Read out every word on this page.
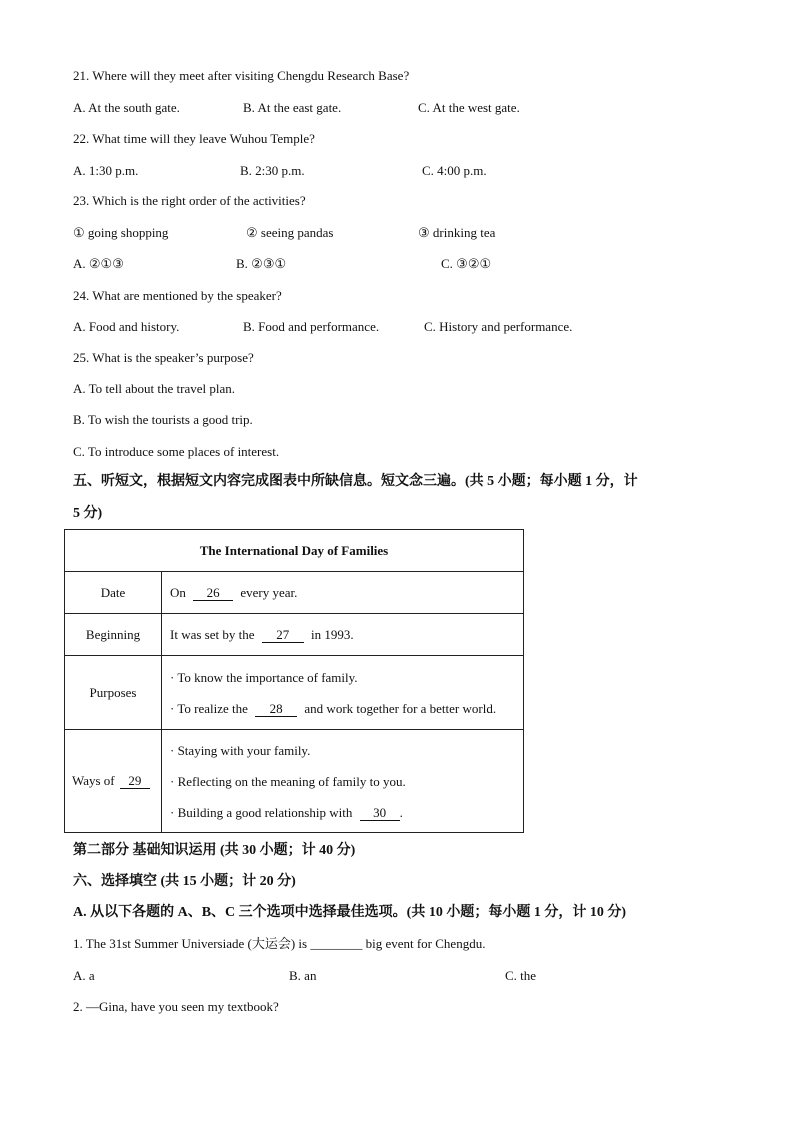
21. Where will they meet after visiting Chengdu Research Base?
A. At the south gate.	B. At the east gate.	C. At the west gate.
22. What time will they leave Wuhou Temple?
A. 1:30 p.m.	B. 2:30 p.m.	C. 4:00 p.m.
23. Which is the right order of the activities?
① going shopping	② seeing pandas	③ drinking tea
A. ②①③	B. ②③①	C. ③②①
24. What are mentioned by the speaker?
A. Food and history.	B. Food and performance.	C. History and performance.
25. What is the speaker’s purpose?
A. To tell about the travel plan.
B. To wish the tourists a good trip.
C. To introduce some places of interest.
五、听短文，根据短文内容完成图表中所缺信息。短文念三遍。(共 5 小题；每小题 1 分，计
5 分)
The International Day of Families	
Date	On 26 every year.
Beginning	It was set by the 27 in 1993.
Purposes	· To know the importance of family.
· To realize the 28 and work together for a better world.

Ways of 29	· Staying with your family.
· Reflecting on the meaning of family to you.
· Building a good relationship with 30 .
第二部分 基础知识运用 (共 30 小题；计 40 分)
六、选择填空 (共 15 小题；计 20 分)
A. 从以下各题的 A、B、C 三个选项中选择最佳选项。(共 10 小题；每小题 1 分，计 10 分)
1. The 31st Summer Universiade (大运会) is ________ big event for Chengdu.
A. a	B. an	C. the
2. —Gina, have you seen my textbook?
